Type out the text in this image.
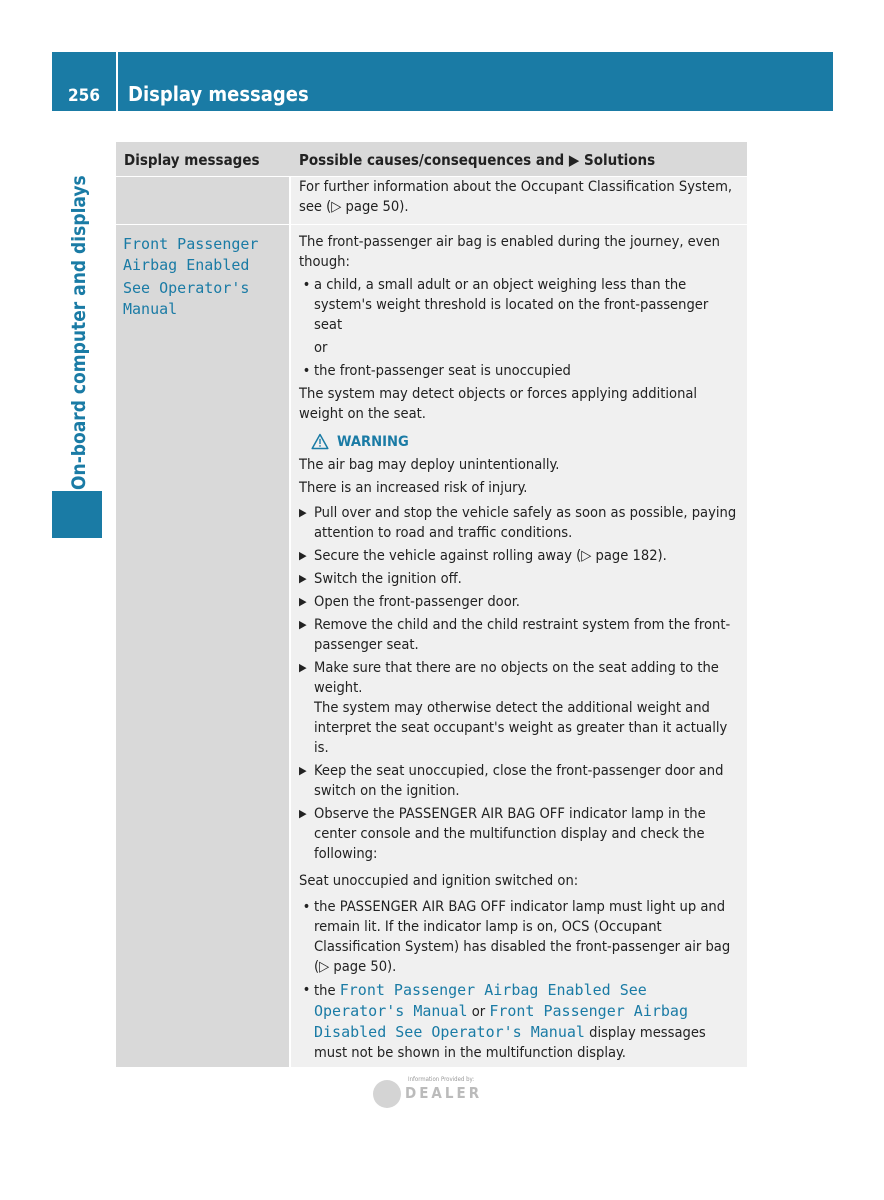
256	Display messages
On-board computer and displays
Display messages	Possible causes/consequences and ▶ Solutions

For further information about the Occupant Classification System, see (▷ page 50).

Front Passenger
Airbag Enabled
See Operator's
Manual

The front-passenger air bag is enabled during the journey, even though:

• a child, a small adult or an object weighing less than the system's weight threshold is located on the front-passenger seat
or
• the front-passenger seat is unoccupied

The system may detect objects or forces applying additional weight on the seat.

WARNING

The air bag may deploy unintentionally.

There is an increased risk of injury.

▶ Pull over and stop the vehicle safely as soon as possible, paying attention to road and traffic conditions.
▶ Secure the vehicle against rolling away (▷ page 182).
▶ Switch the ignition off.
▶ Open the front-passenger door.
▶ Remove the child and the child restraint system from the front-passenger seat.
▶ Make sure that there are no objects on the seat adding to the weight.
The system may otherwise detect the additional weight and interpret the seat occupant's weight as greater than it actually is.
▶ Keep the seat unoccupied, close the front-passenger door and switch on the ignition.
▶ Observe the PASSENGER AIR BAG OFF indicator lamp in the center console and the multifunction display and check the following:

Seat unoccupied and ignition switched on:

• the PASSENGER AIR BAG OFF indicator lamp must light up and remain lit. If the indicator lamp is on, OCS (Occupant Classification System) has disabled the front-passenger air bag (▷ page 50).
• the Front Passenger Airbag Enabled See Operator's Manual or Front Passenger Airbag Disabled See Operator's Manual display messages must not be shown in the multifunction display.
Information Provided by:
DEALER
